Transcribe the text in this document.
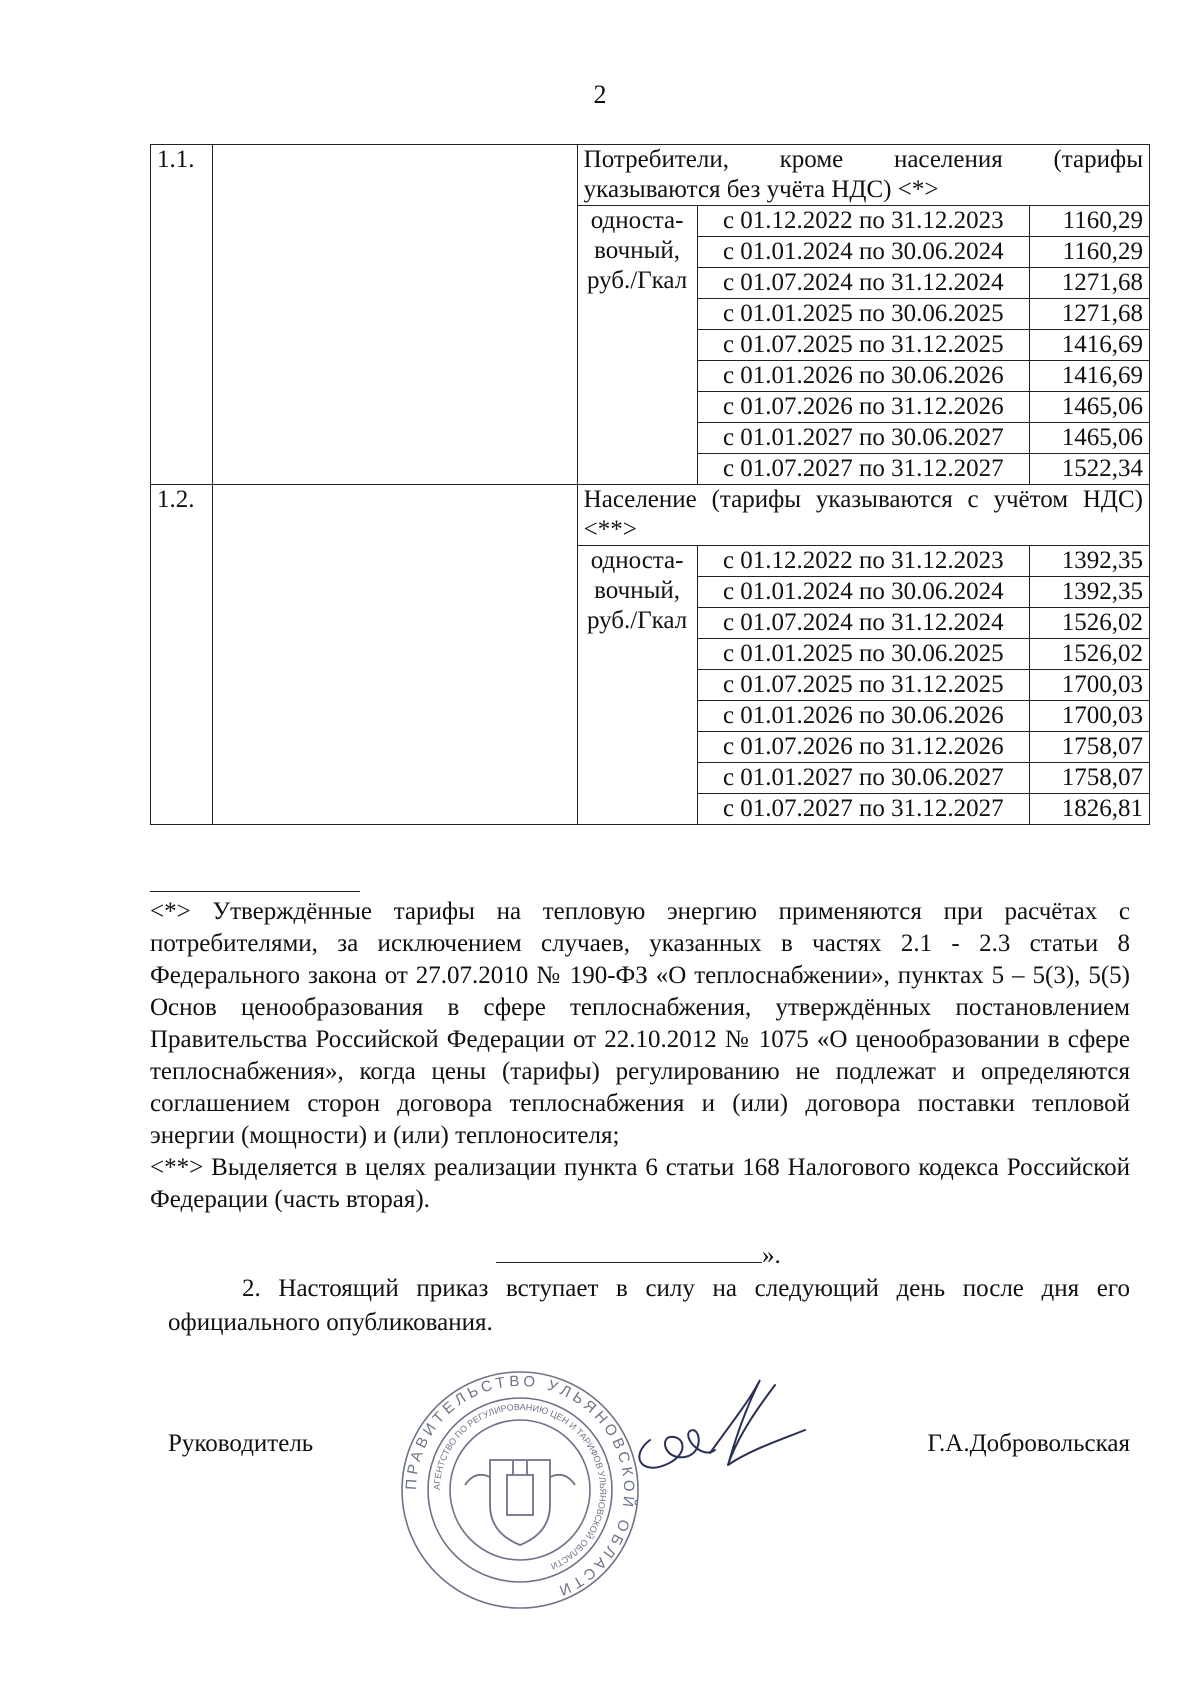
2
1.1.		Потребители, кроме населения (тарифы указываются без учёта НДС) <*>		

		односта-
вочный,
руб./Гкал	с 01.12.2022 по 31.12.2023	1160,29
			с 01.01.2024 по 30.06.2024	1160,29
			с 01.07.2024 по 31.12.2024	1271,68
			с 01.01.2025 по 30.06.2025	1271,68
			с 01.07.2025 по 31.12.2025	1416,69
			с 01.01.2026 по 30.06.2026	1416,69
			с 01.07.2026 по 31.12.2026	1465,06
			с 01.01.2027 по 30.06.2027	1465,06
			с 01.07.2027 по 31.12.2027	1522,34
1.2.		Население (тарифы указываются с учётом НДС) <**>		

		односта-
вочный,
руб./Гкал	с 01.12.2022 по 31.12.2023	1392,35
			с 01.01.2024 по 30.06.2024	1392,35
			с 01.07.2024 по 31.12.2024	1526,02
			с 01.01.2025 по 30.06.2025	1526,02
			с 01.07.2025 по 31.12.2025	1700,03
			с 01.01.2026 по 30.06.2026	1700,03
			с 01.07.2026 по 31.12.2026	1758,07
			с 01.01.2027 по 30.06.2027	1758,07
			с 01.07.2027 по 31.12.2027	1826,81

<*> Утверждённые тарифы на тепловую энергию применяются при расчётах с потребителями, за исключением случаев, указанных в частях 2.1 - 2.3 статьи 8 Федерального закона от 27.07.2010 № 190-ФЗ «О теплоснабжении», пунктах 5 – 5(3), 5(5) Основ ценообразования в сфере теплоснабжения, утверждённых постановлением Правительства Российской Федерации от 22.10.2012 № 1075 «О ценообразовании в сфере теплоснабжения», когда цены (тарифы) регулированию не подлежат и определяются соглашением сторон договора теплоснабжения и (или) договора поставки тепловой энергии (мощности) и (или) теплоносителя;

<**> Выделяется в целях реализации пункта 6 статьи 168 Налогового кодекса Российской Федерации (часть вторая).

».

2. Настоящий приказ вступает в силу на следующий день после дня его официального опубликования.

Руководитель	Г.А.Добровольская
ПРАВИТЕЛЬСТВО УЛЬЯНОВСКОЙ ОБЛАСТИ
АГЕНТСТВО ПО РЕГУЛИРОВАНИЮ ЦЕН И ТАРИФОВ УЛЬЯНОВСКОЙ ОБЛАСТИ
